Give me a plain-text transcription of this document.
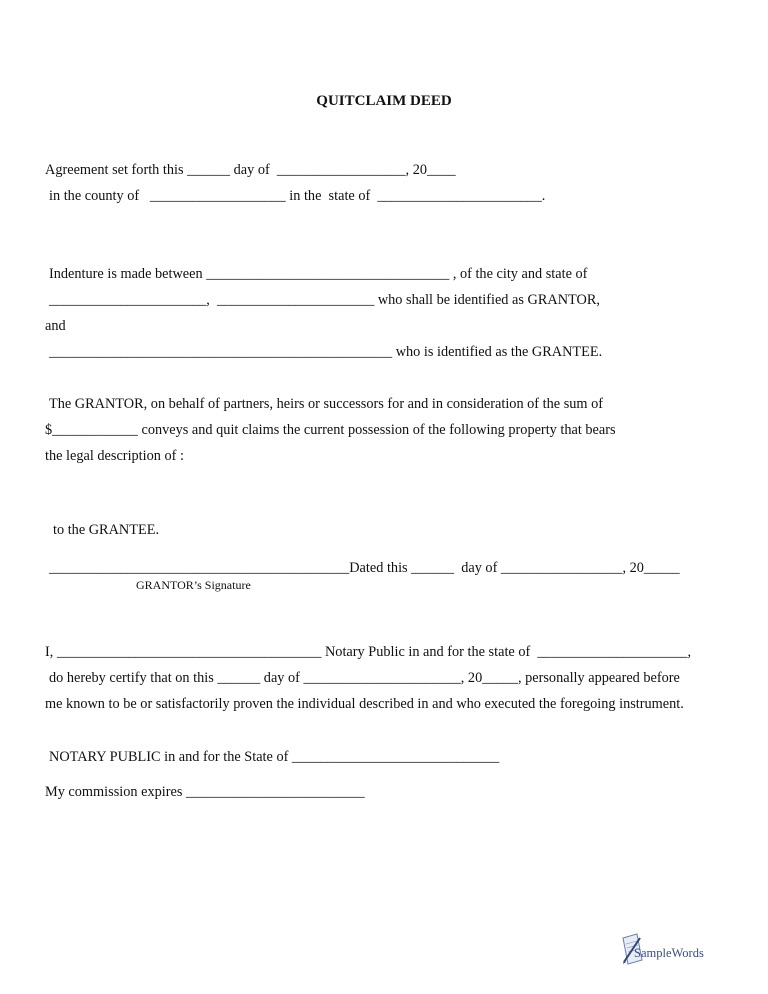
QUITCLAIM DEED

Agreement set forth this ______ day of  __________________, 20____

in the county of   ___________________ in the  state of  _______________________.

Indenture is made between __________________________________ , of the city and state of

______________________,  ______________________ who shall be identified as GRANTOR,

and

________________________________________________ who is identified as the GRANTEE.

The GRANTOR, on behalf of partners, heirs or successors for and in consideration of the sum of

$____________ conveys and quit claims the current possession of the following property that bears

the legal description of :

to the GRANTEE.

__________________________________________Dated this ______  day of _________________, 20_____

GRANTOR’s Signature

I, _____________________________________ Notary Public in and for the state of  _____________________,

do hereby certify that on this ______ day of ______________________, 20_____, personally appeared before

me known to be or satisfactorily proven the individual described in and who executed the foregoing instrument.

NOTARY PUBLIC in and for the State of _____________________________

My commission expires _________________________

SampleWords
